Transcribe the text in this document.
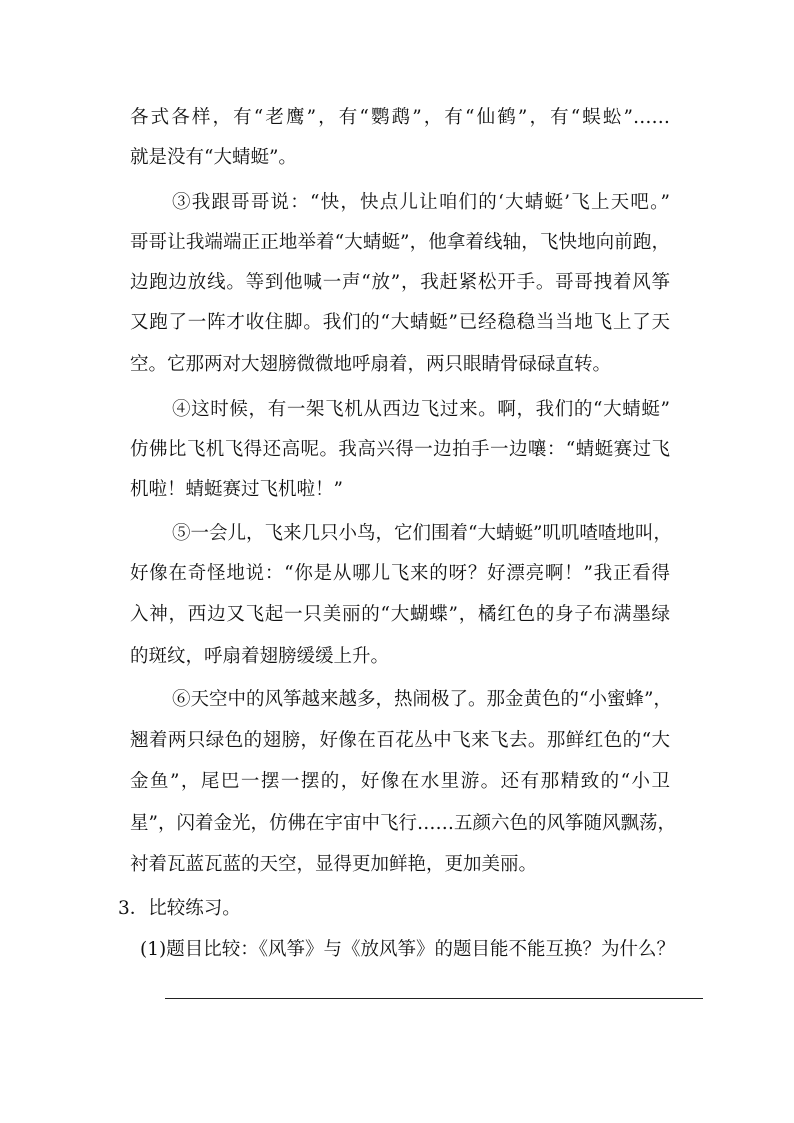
各式各样，有“老鹰”，有“鹦鹉”，有“仙鹤”，有“蜈蚣”……
就是没有“大蜻蜓”。
③我跟哥哥说：“快，快点儿让咱们的‘大蜻蜓’飞上天吧。”
哥哥让我端端正正地举着“大蜻蜓”，他拿着线轴，飞快地向前跑，
边跑边放线。等到他喊一声“放”，我赶紧松开手。哥哥拽着风筝
又跑了一阵才收住脚。我们的“大蜻蜓”已经稳稳当当地飞上了天
空。它那两对大翅膀微微地呼扇着，两只眼睛骨碌碌直转。
④这时候，有一架飞机从西边飞过来。啊，我们的“大蜻蜓”
仿佛比飞机飞得还高呢。我高兴得一边拍手一边嚷：“蜻蜓赛过飞
机啦！蜻蜓赛过飞机啦！”
⑤一会儿，飞来几只小鸟，它们围着“大蜻蜓”叽叽喳喳地叫，
好像在奇怪地说：“你是从哪儿飞来的呀？好漂亮啊！”我正看得
入神，西边又飞起一只美丽的“大蝴蝶”，橘红色的身子布满墨绿
的斑纹，呼扇着翅膀缓缓上升。
⑥天空中的风筝越来越多，热闹极了。那金黄色的“小蜜蜂”，
翘着两只绿色的翅膀，好像在百花丛中飞来飞去。那鲜红色的“大
金鱼”，尾巴一摆一摆的，好像在水里游。还有那精致的“小卫
星”，闪着金光，仿佛在宇宙中飞行……五颜六色的风筝随风飘荡，
衬着瓦蓝瓦蓝的天空，显得更加鲜艳，更加美丽。
3．比较练习。
(1)题目比较：《风筝》与《放风筝》的题目能不能互换？为什么？
